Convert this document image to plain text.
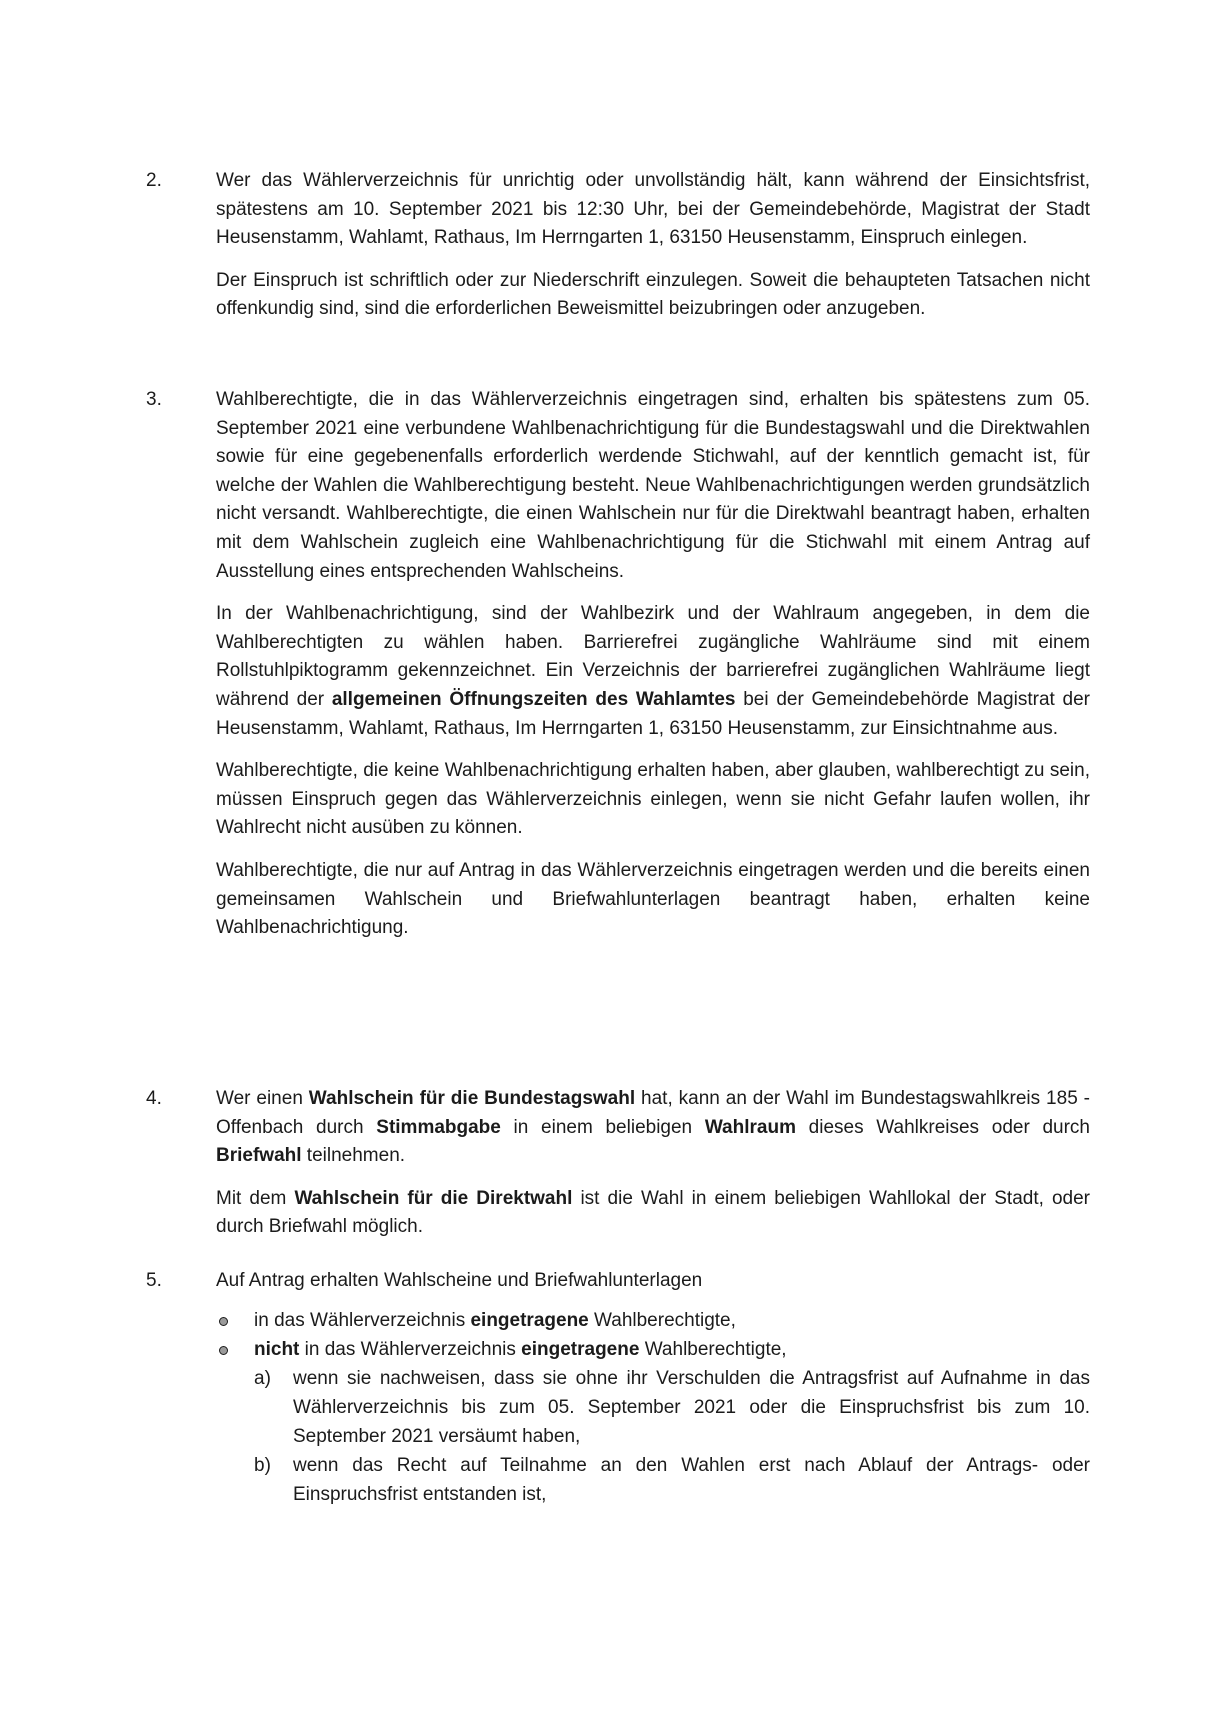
2.	Wer das Wählerverzeichnis für unrichtig oder unvollständig hält, kann während der Einsichtsfrist, spätestens am 10. September 2021 bis 12:30 Uhr, bei der Gemeindebehörde, Magistrat der Stadt Heusenstamm, Wahlamt, Rathaus, Im Herrngarten 1, 63150 Heusenstamm, Einspruch einlegen.

Der Einspruch ist schriftlich oder zur Niederschrift einzulegen. Soweit die behaupteten Tatsachen nicht offenkundig sind, sind die erforderlichen Beweismittel beizubringen oder anzugeben.

3.	Wahlberechtigte, die in das Wählerverzeichnis eingetragen sind, erhalten bis spätestens zum 05. September 2021 eine verbundene Wahlbenachrichtigung für die Bundestagswahl und die Direktwahlen sowie für eine gegebenenfalls erforderlich werdende Stichwahl, auf der kenntlich gemacht ist, für welche der Wahlen die Wahlberechtigung besteht. Neue Wahlbenachrichtigungen werden grundsätzlich nicht versandt. Wahlberechtigte, die einen Wahlschein nur für die Direktwahl beantragt haben, erhalten mit dem Wahlschein zugleich eine Wahlbenachrichtigung für die Stichwahl mit einem Antrag auf Ausstellung eines entsprechenden Wahlscheins.

In der Wahlbenachrichtigung, sind der Wahlbezirk und der Wahlraum angegeben, in dem die Wahlberechtigten zu wählen haben. Barrierefrei zugängliche Wahlräume sind mit einem Rollstuhlpiktogramm gekennzeichnet. Ein Verzeichnis der barrierefrei zugänglichen Wahlräume liegt während der allgemeinen Öffnungszeiten des Wahlamtes bei der Gemeindebehörde Magistrat der Heusenstamm, Wahlamt, Rathaus, Im Herrngarten 1, 63150 Heusenstamm, zur Einsichtnahme aus.

Wahlberechtigte, die keine Wahlbenachrichtigung erhalten haben, aber glauben, wahlberechtigt zu sein, müssen Einspruch gegen das Wählerverzeichnis einlegen, wenn sie nicht Gefahr laufen wollen, ihr Wahlrecht nicht ausüben zu können.

Wahlberechtigte, die nur auf Antrag in das Wählerverzeichnis eingetragen werden und die bereits einen gemeinsamen Wahlschein und Briefwahlunterlagen beantragt haben, erhalten keine Wahlbenachrichtigung.

4.	Wer einen Wahlschein für die Bundestagswahl hat, kann an der Wahl im Bundestagswahlkreis 185 - Offenbach durch Stimmabgabe in einem beliebigen Wahlraum dieses Wahlkreises oder durch Briefwahl teilnehmen.

Mit dem Wahlschein für die Direktwahl ist die Wahl in einem beliebigen Wahllokal der Stadt, oder durch Briefwahl möglich.

5.	Auf Antrag erhalten Wahlscheine und Briefwahlunterlagen

in das Wählerverzeichnis eingetragene Wahlberechtigte,
nicht in das Wählerverzeichnis eingetragene Wahlberechtigte,
a) wenn sie nachweisen, dass sie ohne ihr Verschulden die Antragsfrist auf Aufnahme in das Wählerverzeichnis bis zum 05. September 2021 oder die Einspruchsfrist bis zum 10. September 2021 versäumt haben,
b) wenn das Recht auf Teilnahme an den Wahlen erst nach Ablauf der Antrags- oder Einspruchsfrist entstanden ist,
